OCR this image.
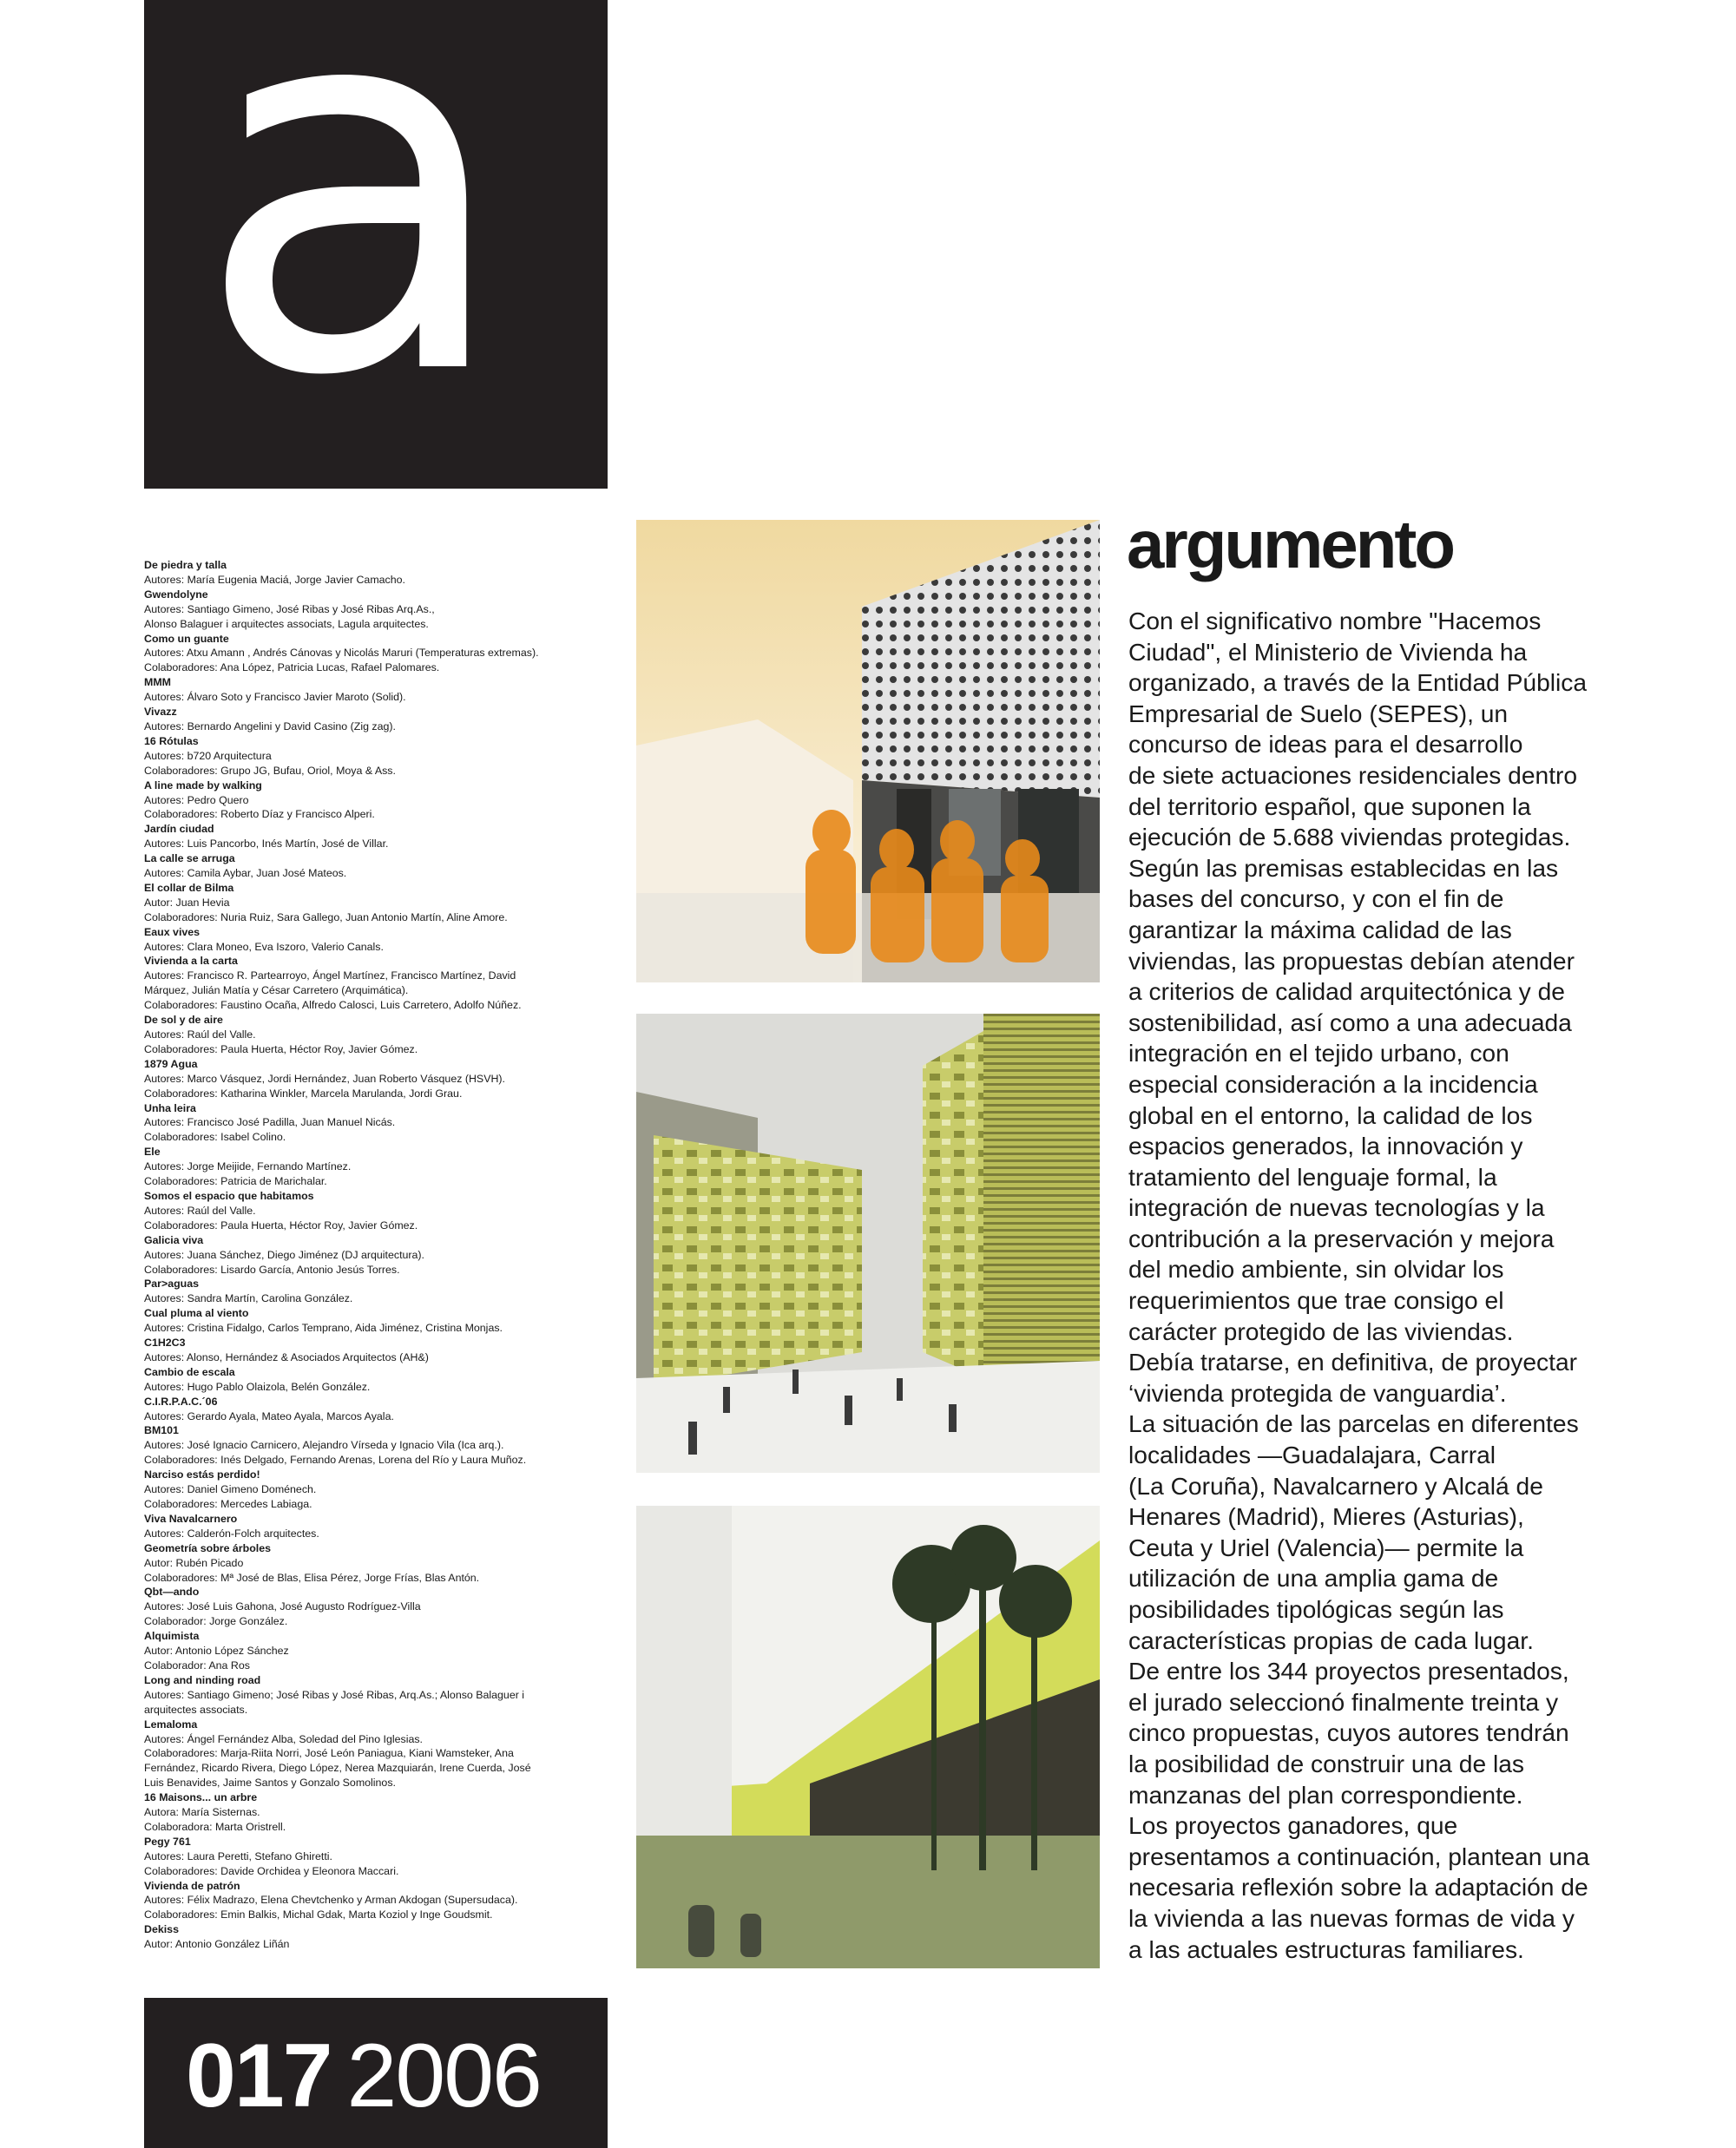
a
De piedra y talla
Autores: María Eugenia Maciá, Jorge Javier Camacho.
Gwendolyne
Autores: Santiago Gimeno, José Ribas y José Ribas Arq.As.,
Alonso Balaguer i arquitectes associats, Lagula arquitectes.
Como un guante
Autores: Atxu Amann , Andrés Cánovas y Nicolás Maruri (Temperaturas extremas).
Colaboradores: Ana López, Patricia Lucas, Rafael Palomares.
MMM
Autores: Álvaro Soto y Francisco Javier Maroto (Solid).
Vivazz
Autores: Bernardo Angelini y David Casino (Zig zag).
16 Rótulas
Autores: b720 Arquitectura
Colaboradores: Grupo JG, Bufau, Oriol, Moya & Ass.
A line made by walking
Autores: Pedro Quero
Colaboradores: Roberto Díaz y Francisco Alperi.
Jardín ciudad
Autores: Luis Pancorbo, Inés Martín, José de Villar.
La calle se arruga
Autores: Camila Aybar, Juan José Mateos.
El collar de Bilma
Autor: Juan Hevia
Colaboradores: Nuria Ruiz, Sara Gallego, Juan Antonio Martín, Aline Amore.
Eaux vives
Autores: Clara Moneo, Eva Iszoro, Valerio Canals.
Vivienda a la carta
Autores: Francisco R. Partearroyo, Ángel Martínez, Francisco Martínez, David
Márquez, Julián Matía y César Carretero (Arquimática).
Colaboradores: Faustino Ocaña, Alfredo Calosci, Luis Carretero, Adolfo Núñez.
De sol y de aire
Autores: Raúl del Valle.
Colaboradores: Paula Huerta, Héctor Roy, Javier Gómez.
1879 Agua
Autores: Marco Vásquez, Jordi Hernández, Juan Roberto Vásquez (HSVH).
Colaboradores: Katharina Winkler, Marcela Marulanda, Jordi Grau.
Unha leira
Autores: Francisco José Padilla, Juan Manuel Nicás.
Colaboradores: Isabel Colino.
Ele
Autores: Jorge Meijide, Fernando Martínez.
Colaboradores: Patricia de Marichalar.
Somos el espacio que habitamos
Autores: Raúl del Valle.
Colaboradores: Paula Huerta, Héctor Roy, Javier Gómez.
Galicia viva
Autores: Juana Sánchez, Diego Jiménez (DJ arquitectura).
Colaboradores: Lisardo García, Antonio Jesús Torres.
Par>aguas
Autores: Sandra Martín, Carolina González.
Cual pluma al viento
Autores: Cristina Fidalgo, Carlos Temprano, Aida Jiménez, Cristina Monjas.
C1H2C3
Autores: Alonso, Hernández & Asociados Arquitectos (AH&)
Cambio de escala
Autores: Hugo Pablo Olaizola, Belén González.
C.I.R.P.A.C.´06
Autores: Gerardo Ayala, Mateo Ayala, Marcos Ayala.
BM101
Autores: José Ignacio Carnicero, Alejandro Vírseda y Ignacio Vila (Ica arq.).
Colaboradores: Inés Delgado, Fernando Arenas, Lorena del Río y Laura Muñoz.
Narciso estás perdido!
Autores: Daniel Gimeno Doménech.
Colaboradores: Mercedes Labiaga.
Viva Navalcarnero
Autores: Calderón-Folch arquitectes.
Geometría sobre árboles
Autor: Rubén Picado
Colaboradores: Mª José de Blas, Elisa Pérez, Jorge Frías, Blas Antón.
Qbt—ando
Autores: José Luis Gahona, José Augusto Rodríguez-Villa
Colaborador: Jorge González.
Alquimista
Autor: Antonio López Sánchez
Colaborador: Ana Ros
Long and ninding road
Autores: Santiago Gimeno; José Ribas y José Ribas, Arq.As.; Alonso Balaguer i
arquitectes associats.
Lemaloma
Autores: Ángel Fernández Alba, Soledad del Pino Iglesias.
Colaboradores: Marja-Riita Norri, José León Paniagua, Kiani Wamsteker, Ana
Fernández, Ricardo Rivera, Diego López, Nerea Mazquiarán, Irene Cuerda, José
Luis Benavides, Jaime Santos y Gonzalo Somolinos.
16 Maisons... un arbre
Autora: María Sisternas.
Colaboradora: Marta Oristrell.
Pegy 761
Autores: Laura Peretti, Stefano Ghiretti.
Colaboradores: Davide Orchidea y Eleonora Maccari.
Vivienda de patrón
Autores: Félix Madrazo, Elena Chevtchenko y Arman Akdogan (Supersudaca).
Colaboradores: Emin Balkis, Michal Gdak, Marta Koziol y Inge Goudsmit.
Dekiss
Autor: Antonio González Liñán
argumento
Con el significativo nombre "Hacemos
Ciudad", el Ministerio de Vivienda ha
organizado, a través de la Entidad Pública
Empresarial de Suelo (SEPES), un
concurso de ideas para el desarrollo
de siete actuaciones residenciales dentro
del territorio español, que suponen la
ejecución de 5.688 viviendas protegidas.
Según las premisas establecidas en las
bases del concurso, y con el fin de
garantizar la máxima calidad de las
viviendas, las propuestas debían atender
a criterios de calidad arquitectónica y de
sostenibilidad, así como a una adecuada
integración en el tejido urbano, con
especial consideración a la incidencia
global en el entorno, la calidad de los
espacios generados, la innovación y
tratamiento del lenguaje formal, la
integración de nuevas tecnologías y la
contribución a la preservación y mejora
del medio ambiente, sin olvidar los
requerimientos que trae consigo el
carácter protegido de las viviendas.
Debía tratarse, en definitiva, de proyectar
‘vivienda protegida de vanguardia’.
La situación de las parcelas en diferentes
localidades —Guadalajara, Carral
(La Coruña), Navalcarnero y Alcalá de
Henares (Madrid), Mieres (Asturias),
Ceuta y Uriel (Valencia)— permite la
utilización de una amplia gama de
posibilidades tipológicas según las
características propias de cada lugar.
De entre los 344 proyectos presentados,
el jurado seleccionó finalmente treinta y
cinco propuestas, cuyos autores tendrán
la posibilidad de construir una de las
manzanas del plan correspondiente.
Los proyectos ganadores, que
presentamos a continuación, plantean una
necesaria reflexión sobre la adaptación de
la vivienda a las nuevas formas de vida y
a las actuales estructuras familiares.
017 2006
